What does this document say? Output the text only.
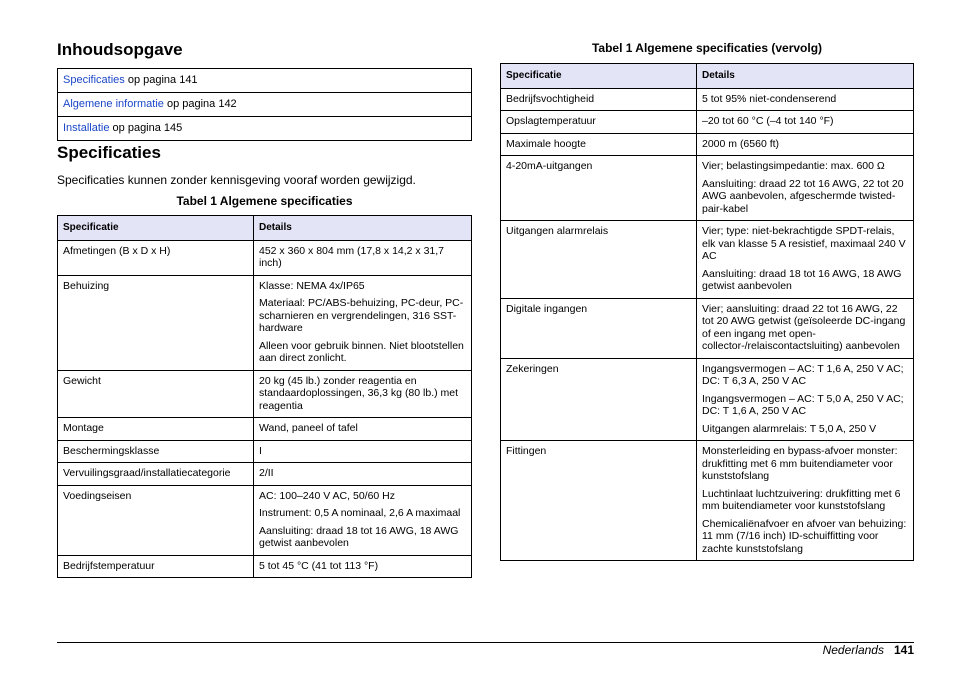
Inhoudsopgave
Specificaties op pagina 141
Algemene informatie op pagina 142
Installatie op pagina 145
Specificaties
Specificaties kunnen zonder kennisgeving vooraf worden gewijzigd.
Tabel 1 Algemene specificaties
Specificatie	Details
Afmetingen (B x D x H)	452 x 360 x 804 mm (17,8 x 14,2 x 31,7 inch)

Behuizing	Klasse: NEMA 4x/IP65

Materiaal: PC/ABS-behuizing, PC-deur, PC-scharnieren en vergrendelingen, 316 SST-hardware

Alleen voor gebruik binnen. Niet blootstellen aan direct zonlicht.

Gewicht	20 kg (45 lb.) zonder reagentia en standaardoplossingen, 36,3 kg (80 lb.) met reagentia

Montage	Wand, paneel of tafel

Beschermingsklasse	I

Vervuilingsgraad/installatiecategorie	2/II

Voedingseisen	AC: 100–240 V AC, 50/60 Hz

Instrument: 0,5 A nominaal, 2,6 A maximaal

Aansluiting: draad 18 tot 16 AWG, 18 AWG getwist aanbevolen

Bedrijfstemperatuur	5 tot 45 °C (41 tot 113 °F)

Tabel 1 Algemene specificaties (vervolg)
Specificatie	Details
Bedrijfsvochtigheid	5 tot 95% niet-condenserend

Opslagtemperatuur	–20 tot 60 °C (–4 tot 140 °F)

Maximale hoogte	2000 m (6560 ft)

4-20mA-uitgangen	Vier; belastingsimpedantie: max. 600 Ω

Aansluiting: draad 22 tot 16 AWG, 22 tot 20 AWG aanbevolen, afgeschermde twisted-pair-kabel

Uitgangen alarmrelais	Vier; type: niet-bekrachtigde SPDT-relais, elk van klasse 5 A resistief, maximaal 240 V AC

Aansluiting: draad 18 tot 16 AWG, 18 AWG getwist aanbevolen

Digitale ingangen	Vier; aansluiting: draad 22 tot 16 AWG, 22 tot 20 AWG getwist (geïsoleerde DC-ingang of een ingang met open-collector-/relaiscontactsluiting) aanbevolen

Zekeringen	Ingangsvermogen – AC: T 1,6 A, 250 V AC; DC: T 6,3 A, 250 V AC

Ingangsvermogen – AC: T 5,0 A, 250 V AC; DC: T 1,6 A, 250 V AC

Uitgangen alarmrelais: T 5,0 A, 250 V

Fittingen	Monsterleiding en bypass-afvoer monster: drukfitting met 6 mm buitendiameter voor kunststofslang

Luchtinlaat luchtzuivering: drukfitting met 6 mm buitendiameter voor kunststofslang

Chemicaliënafvoer en afvoer van behuizing: 11 mm (7/16 inch) ID-schuiffitting voor zachte kunststofslang

Nederlands 141
